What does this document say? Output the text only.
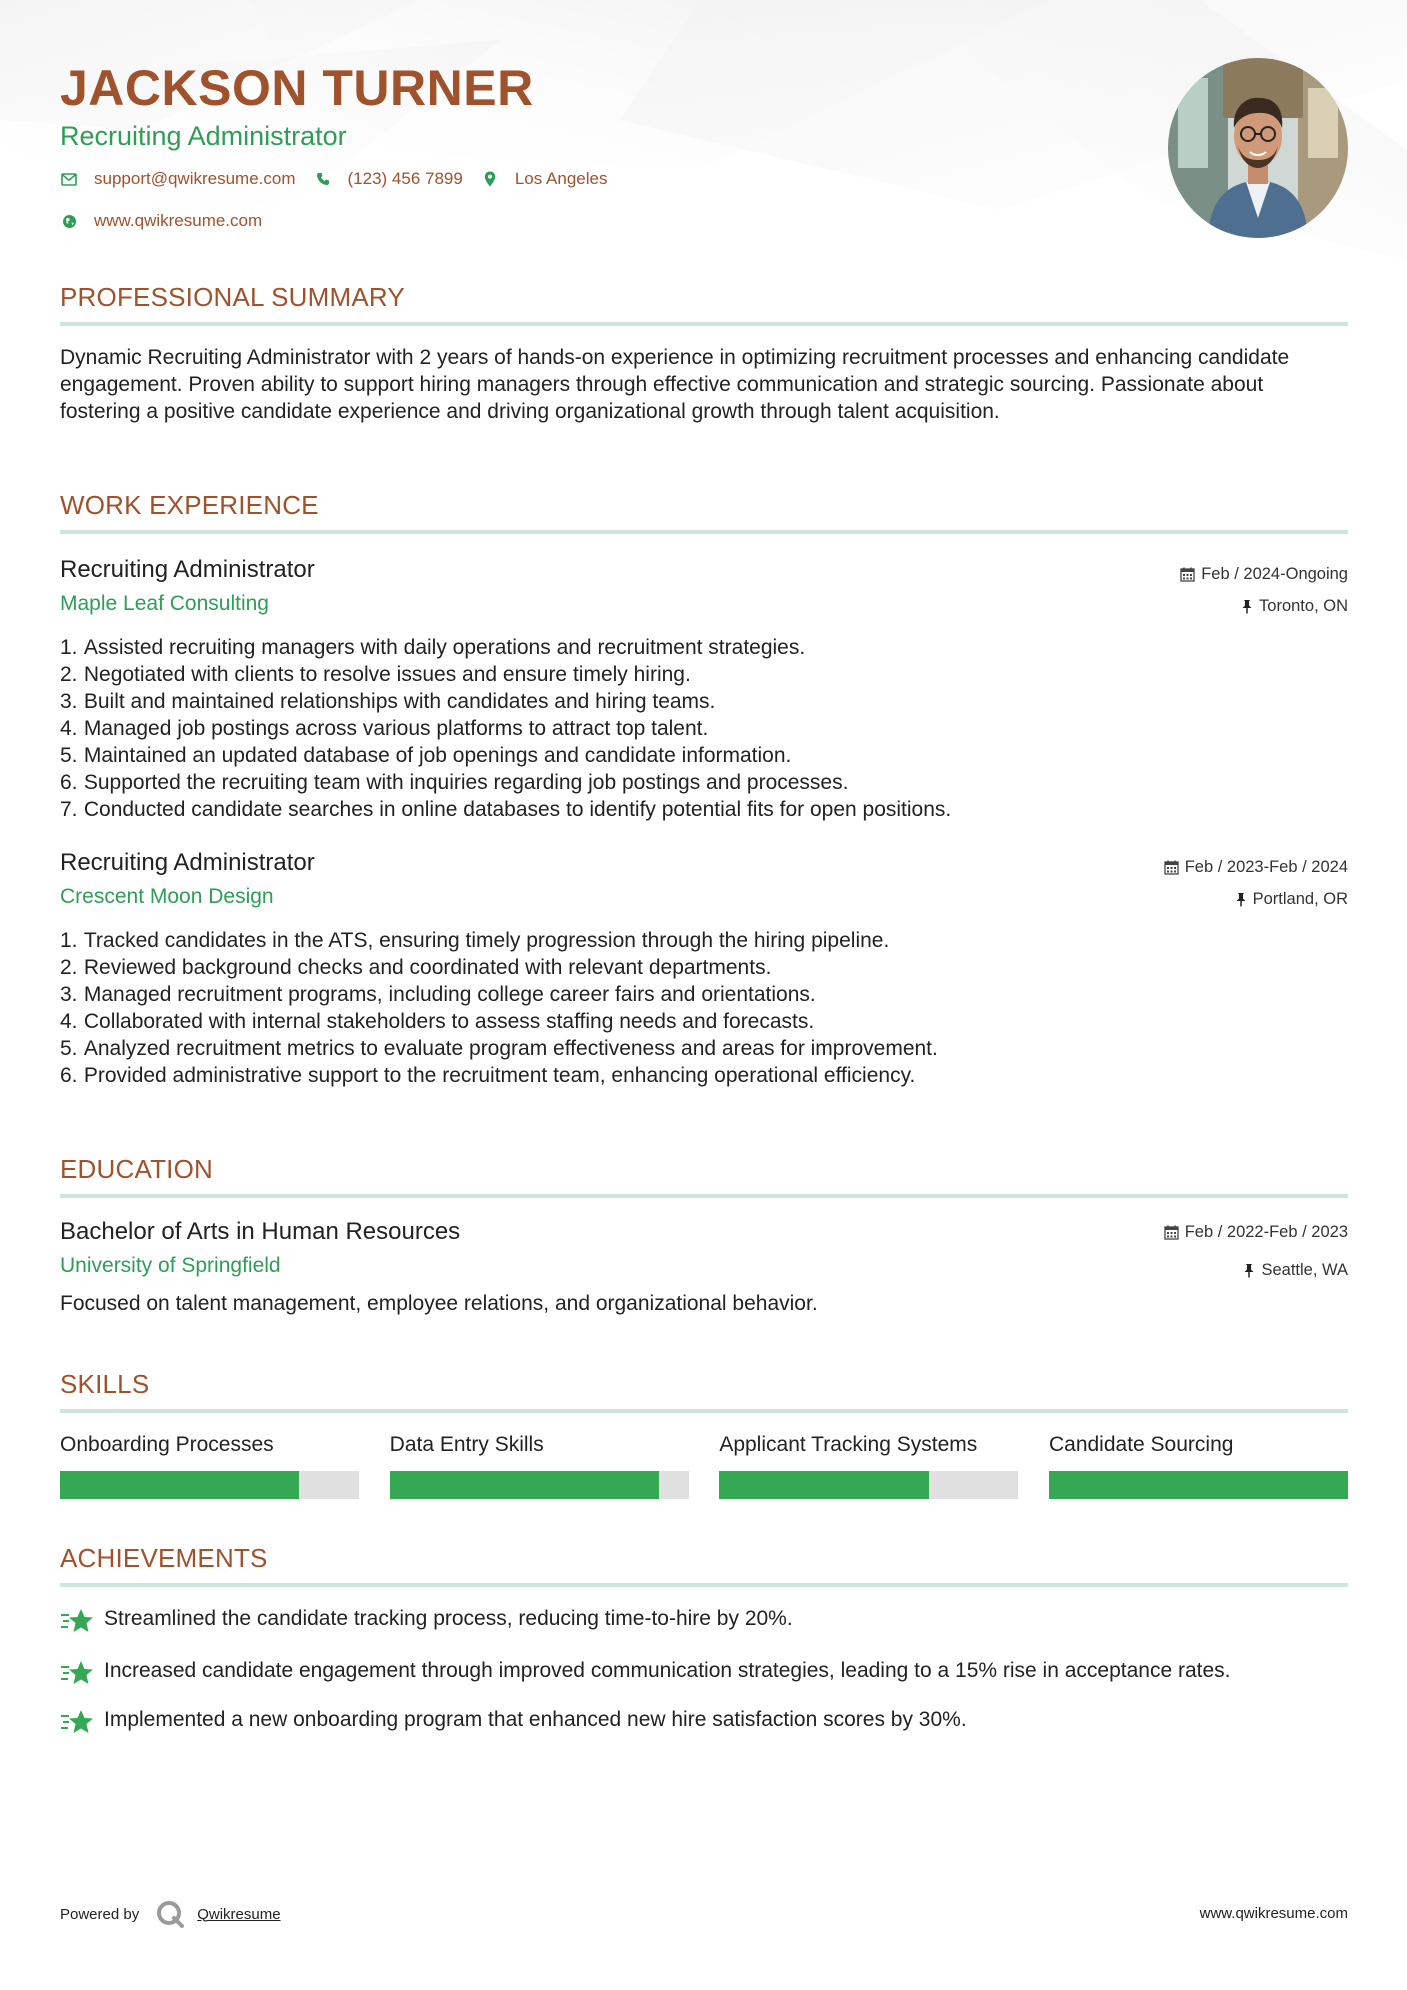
JACKSON TURNER
Recruiting Administrator
support@qwikresume.com	(123) 456 7899	Los Angeles
www.qwikresume.com
PROFESSIONAL SUMMARY
Dynamic Recruiting Administrator with 2 years of hands-on experience in optimizing recruitment processes and enhancing candidate engagement. Proven ability to support hiring managers through effective communication and strategic sourcing. Passionate about fostering a positive candidate experience and driving organizational growth through talent acquisition.
WORK EXPERIENCE
Recruiting Administrator
Maple Leaf Consulting
Feb / 2024-Ongoing
Toronto, ON
1.
Assisted recruiting managers with daily operations and recruitment strategies.
2.
Negotiated with clients to resolve issues and ensure timely hiring.
3.
Built and maintained relationships with candidates and hiring teams.
4.
Managed job postings across various platforms to attract top talent.
5.
Maintained an updated database of job openings and candidate information.
6.
Supported the recruiting team with inquiries regarding job postings and processes.
7.
Conducted candidate searches in online databases to identify potential fits for open positions.
Recruiting Administrator
Crescent Moon Design
Feb / 2023-Feb / 2024
Portland, OR
1.
Tracked candidates in the ATS, ensuring timely progression through the hiring pipeline.
2.
Reviewed background checks and coordinated with relevant departments.
3.
Managed recruitment programs, including college career fairs and orientations.
4.
Collaborated with internal stakeholders to assess staffing needs and forecasts.
5.
Analyzed recruitment metrics to evaluate program effectiveness and areas for improvement.
6.
Provided administrative support to the recruitment team, enhancing operational efficiency.
EDUCATION
Bachelor of Arts in Human Resources
University of Springfield
Feb / 2022-Feb / 2023
Seattle, WA
Focused on talent management, employee relations, and organizational behavior.
SKILLS
Onboarding Processes	Data Entry Skills	Applicant Tracking Systems	Candidate Sourcing
ACHIEVEMENTS
Streamlined the candidate tracking process, reducing time-to-hire by 20%.
Increased candidate engagement through improved communication strategies, leading to a 15% rise in acceptance rates.
Implemented a new onboarding program that enhanced new hire satisfaction scores by 30%.
Powered by	Qwikresume	www.qwikresume.com
